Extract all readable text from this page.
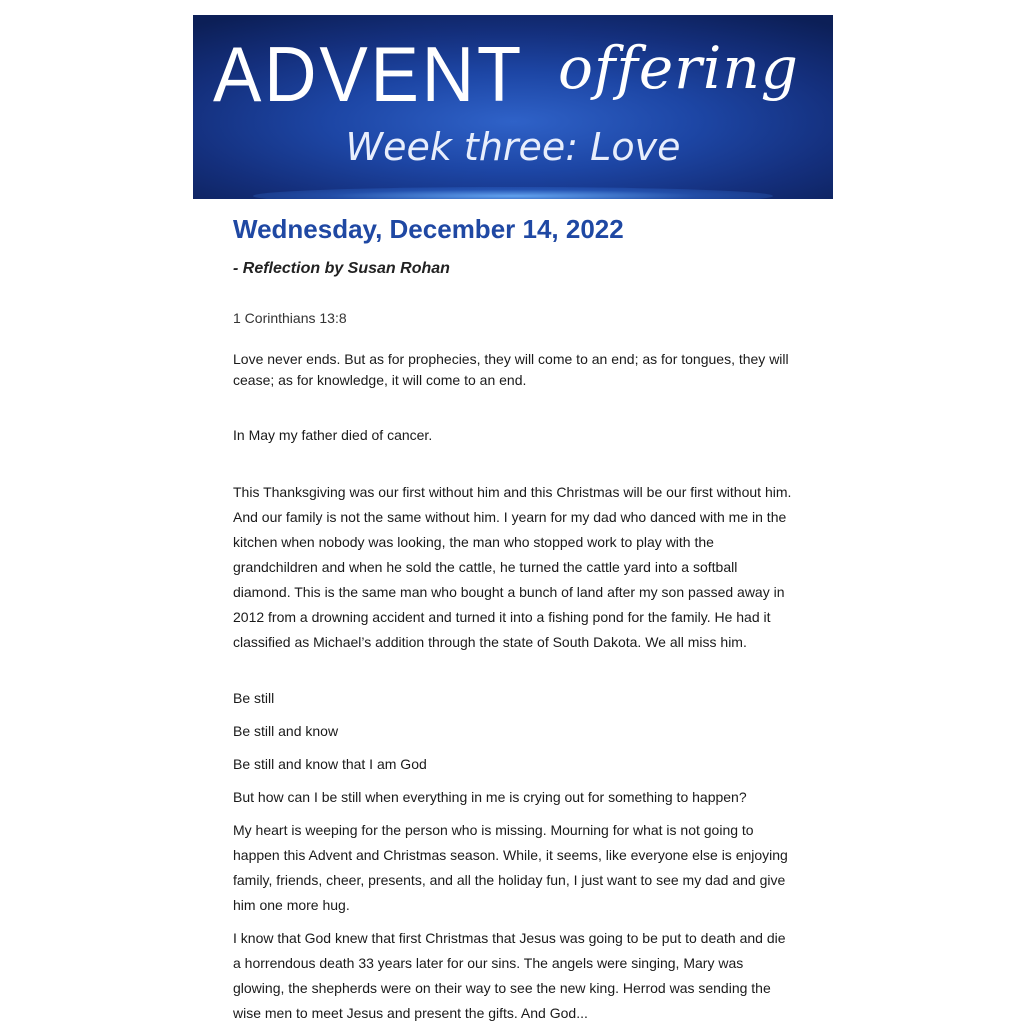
ADVENT offering
Week three: Love
Wednesday, December 14, 2022

- Reflection by Susan Rohan

1 Corinthians 13:8

Love never ends. But as for prophecies, they will come to an end; as for tongues, they will cease; as for knowledge, it will come to an end.

In May my father died of cancer.

This Thanksgiving was our first without him and this Christmas will be our first without him. And our family is not the same without him. I yearn for my dad who danced with me in the kitchen when nobody was looking, the man who stopped work to play with the grandchildren and when he sold the cattle, he turned the cattle yard into a softball diamond. This is the same man who bought a bunch of land after my son passed away in 2012 from a drowning accident and turned it into a fishing pond for the family. He had it classified as Michael’s addition through the state of South Dakota. We all miss him.

Be still

Be still and know

Be still and know that I am God

But how can I be still when everything in me is crying out for something to happen?

My heart is weeping for the person who is missing. Mourning for what is not going to happen this Advent and Christmas season. While, it seems, like everyone else is enjoying family, friends, cheer, presents, and all the holiday fun, I just want to see my dad and give him one more hug.

I know that God knew that first Christmas that Jesus was going to be put to death and die a horrendous death 33 years later for our sins. The angels were singing, Mary was glowing, the shepherds were on their way to see the new king. Herrod was sending the wise men to meet Jesus and present the gifts. And God...
